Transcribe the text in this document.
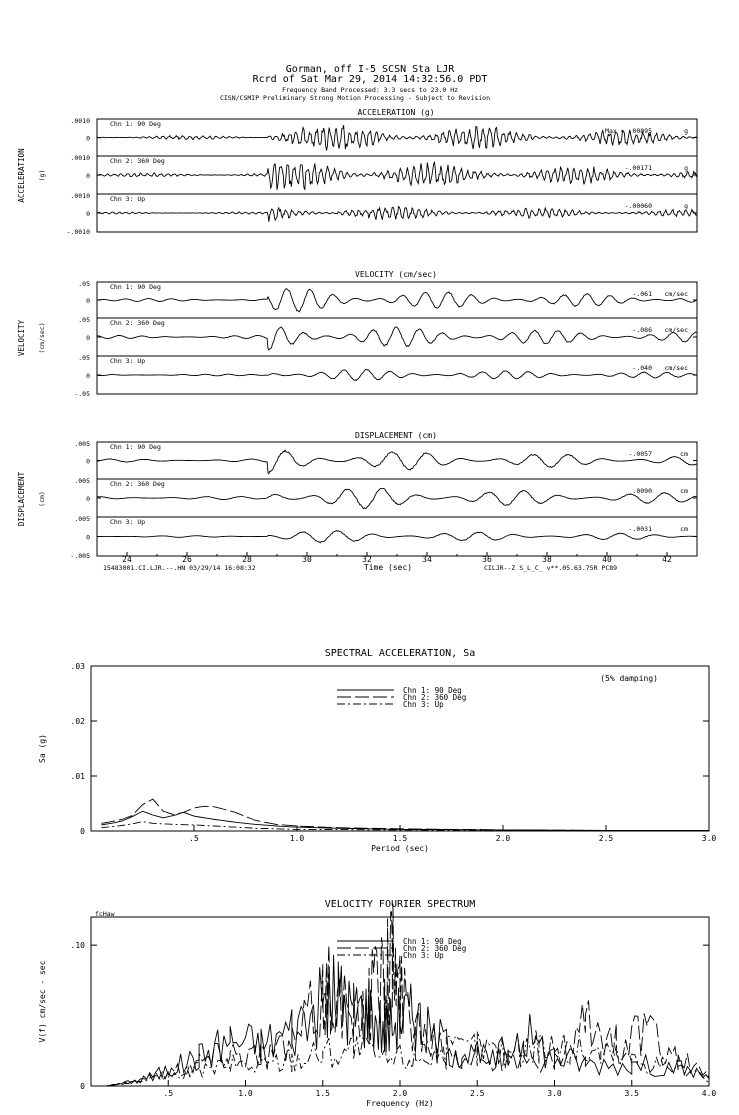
Gorman, off I-5 SCSN Sta LJR
Rcrd of Sat Mar 29, 2014 14:32:56.0 PDT
Frequency Band Processed: 3.3 secs to 23.0 Hz
CISN/CSMIP Preliminary Strong Motion Processing - Subject to Revision
ACCELERATION (g)
ACCELERATION (g)
Chn 1: 90 Deg
Max = .00095	g
.0010
0
Chn 2: 360 Deg
-.00171	g
.0010
0
Chn 3: Up
-.00060	g
.0010
0
-.0010
VELOCITY (cm/sec)
VELOCITY (cm/sec)
Chn 1: 90 Deg
-.061 cm/sec
.05
0
Chn 2: 360 Deg
-.086 cm/sec
.05
0
Chn 3: Up
-.040 cm/sec
.05
0
-.05
DISPLACEMENT (cm)
DISPLACEMENT (cm)
Chn 1: 90 Deg
-.0057	cm
.005
0
Chn 2: 360 Deg
.0090	cm
.005
0
Chn 3: Up
-.0031	cm
.005
0
-.005	24	26	28	30	32	34	36	38	40	42
Time (sec)
15483001.CI.LJR.--.HN 03/29/14 16:08:32	CILJR--Z S_L_C_ v**.05.63.75R PC89
SPECTRAL ACCELERATION, Sa
.5	1.0	1.5	2.0	2.5	3.0
.03
.02
.01
0
Period (sec)
Sa (g)
Chn 1: 90 Deg
Chn 2: 360 Deg
Chn 3: Up
(5% damping)
VELOCITY FOURIER SPECTRUM
.5	1.0	1.5	2.0	2.5	3.0	3.5	4.0
.10
0
Frequency (Hz)
V(f) cm/sec - sec
Chn 1: 90 Deg
Chn 2: 360 Deg
Chn 3: Up
fcHaw
